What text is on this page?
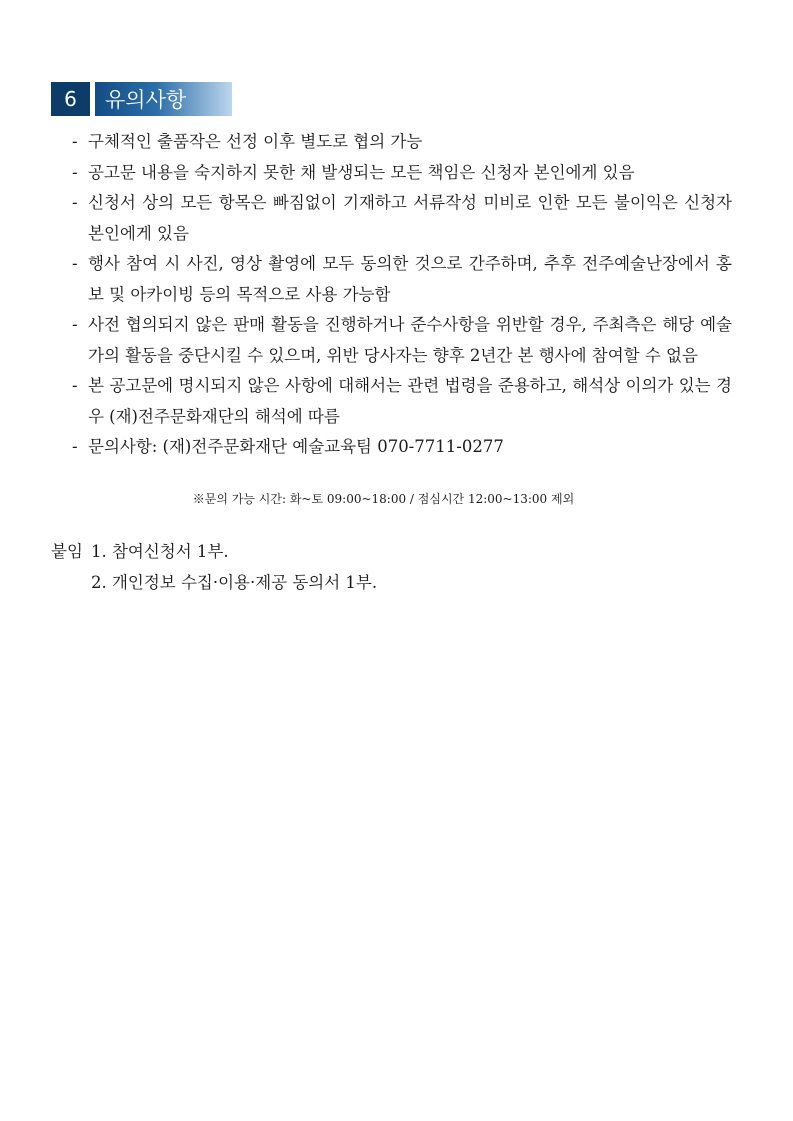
6	유의사항
- 구체적인 출품작은 선정 이후 별도로 협의 가능
- 공고문 내용을 숙지하지 못한 채 발생되는 모든 책임은 신청자 본인에게 있음
- 신청서 상의 모든 항목은 빠짐없이 기재하고 서류작성 미비로 인한 모든 불이익은 신청자 본인에게 있음
- 행사 참여 시 사진, 영상 촬영에 모두 동의한 것으로 간주하며, 추후 전주예술난장에서 홍보 및 아카이빙 등의 목적으로 사용 가능함
- 사전 협의되지 않은 판매 활동을 진행하거나 준수사항을 위반할 경우, 주최측은 해당 예술가의 활동을 중단시킬 수 있으며, 위반 당사자는 향후 2년간 본 행사에 참여할 수 없음
- 본 공고문에 명시되지 않은 사항에 대해서는 관련 법령을 준용하고, 해석상 이의가 있는 경우 (재)전주문화재단의 해석에 따름
- 문의사항: (재)전주문화재단 예술교육팀 070-7711-0277
※문의 가능 시간: 화~토 09:00~18:00 / 점심시간 12:00~13:00 제외
붙임 1. 참여신청서 1부.
2. 개인정보 수집·이용·제공 동의서 1부.
